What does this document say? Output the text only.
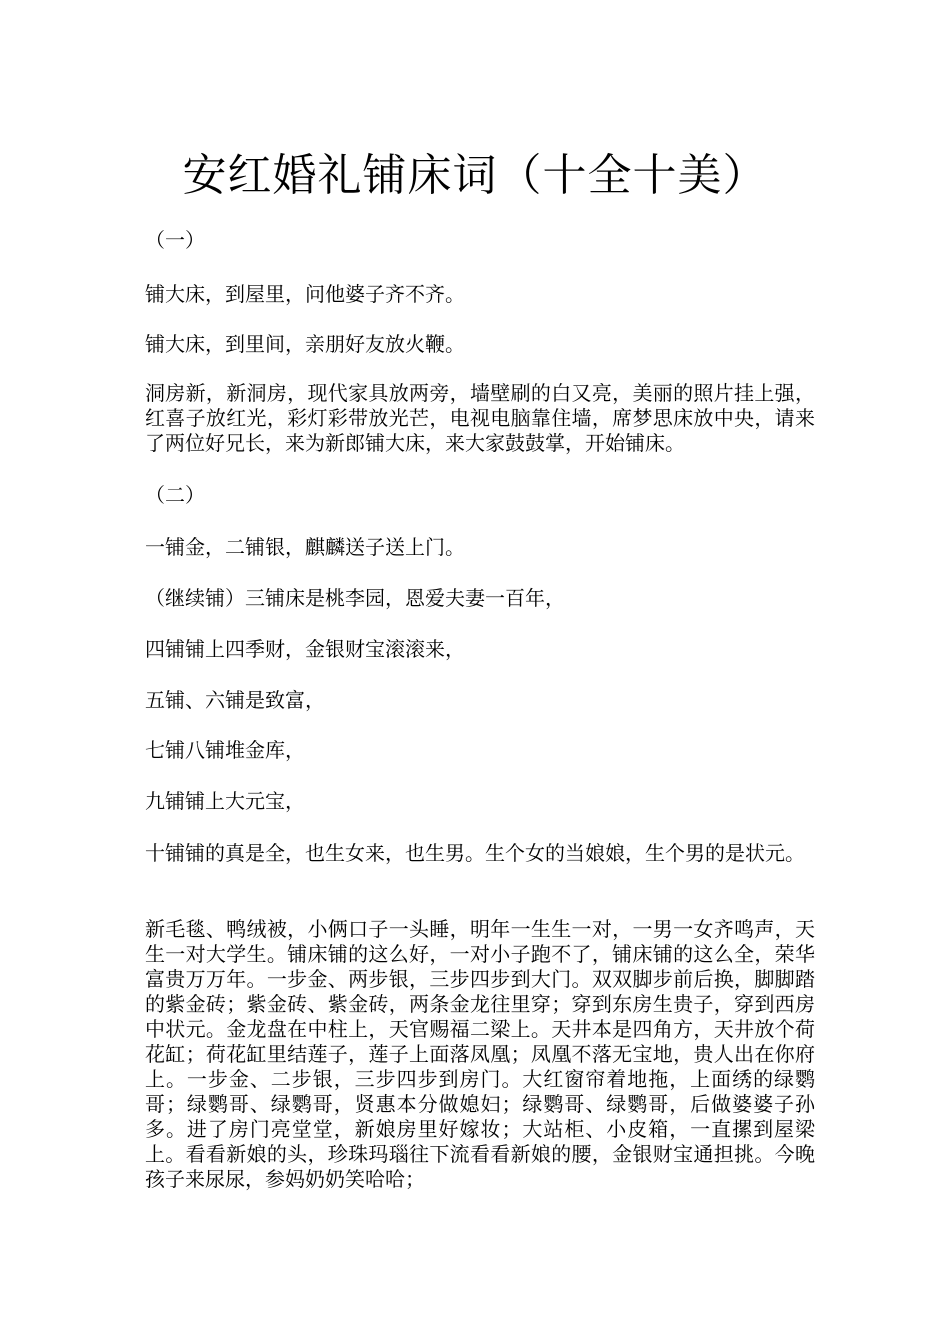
安红婚礼铺床词（十全十美）

（一）

铺大床，到屋里，问他婆子齐不齐。

铺大床，到里间，亲朋好友放火鞭。

洞房新，新洞房，现代家具放两旁，墙壁刷的白又亮，美丽的照片挂上强，红喜子放红光，彩灯彩带放光芒，电视电脑靠住墙，席梦思床放中央，请来了两位好兄长，来为新郎铺大床，来大家鼓鼓掌，开始铺床。

（二）

一铺金，二铺银，麒麟送子送上门。

（继续铺）三铺床是桃李园，恩爱夫妻一百年，

四铺铺上四季财，金银财宝滚滚来，

五铺、六铺是致富，

七铺八铺堆金库，

九铺铺上大元宝，

十铺铺的真是全，也生女来，也生男。生个女的当娘娘，生个男的是状元。

新毛毯、鸭绒被，小俩口子一头睡，明年一生生一对，一男一女齐鸣声，天生一对大学生。铺床铺的这么好，一对小子跑不了，铺床铺的这么全，荣华富贵万万年。一步金、两步银，三步四步到大门。双双脚步前后换，脚脚踏的紫金砖；紫金砖、紫金砖，两条金龙往里穿；穿到东房生贵子，穿到西房中状元。金龙盘在中柱上，天官赐福二梁上。天井本是四角方，天井放个荷花缸；荷花缸里结莲子，莲子上面落凤凰；凤凰不落无宝地，贵人出在你府上。一步金、二步银，三步四步到房门。大红窗帘着地拖，上面绣的绿鹦哥；绿鹦哥、绿鹦哥，贤惠本分做媳妇；绿鹦哥、绿鹦哥，后做婆婆子孙多。进了房门亮堂堂，新娘房里好嫁妆；大站柜、小皮箱，一直摞到屋梁上。看看新娘的头，珍珠玛瑙往下流看看新娘的腰，金银财宝通担挑。今晚孩子来尿尿，参妈奶奶笑哈哈；
